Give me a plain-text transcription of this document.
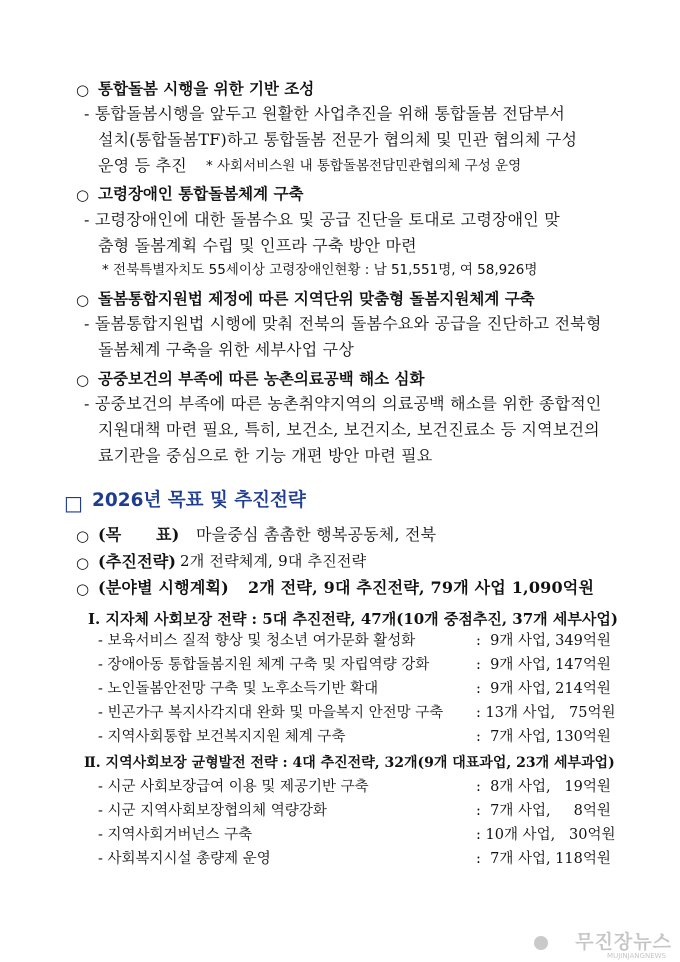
○ 통합돌봄 시행을 위한 기반 조성
- 통합돌봄시행을 앞두고 원활한 사업추진을 위해 통합돌봄 전담부서
설치(통합돌봄TF)하고 통합돌봄 전문가 협의체 및 민관 협의체 구성
운영 등 추진 * 사회서비스원 내 통합돌봄전담민관협의체 구성 운영
○ 고령장애인 통합돌봄체계 구축
- 고령장애인에 대한 돌봄수요 및 공급 진단을 토대로 고령장애인 맞
춤형 돌봄계획 수립 및 인프라 구축 방안 마련
* 전북특별자치도 55세이상 고령장애인현황 : 남 51,551명, 여 58,926명
○ 돌봄통합지원법 제정에 따른 지역단위 맞춤형 돌봄지원체계 구축
- 돌봄통합지원법 시행에 맞춰 전북의 돌봄수요와 공급을 진단하고 전북형
돌봄체계 구축을 위한 세부사업 구상
○ 공중보건의 부족에 따른 농촌의료공백 해소 심화
- 공중보건의 부족에 따른 농촌취약지역의 의료공백 해소를 위한 종합적인
지원대책 마련 필요, 특히, 보건소, 보건지소, 보건진료소 등 지역보건의
료기관을 중심으로 한 기능 개편 방안 마련 필요
□ 2026년 목표 및 추진전략
○ (목      표) 마을중심 촘촘한 행복공동체, 전북
○ (추진전략) 2개 전략체계, 9대 추진전략
○ (분야별 시행계획) 2개 전략, 9대 추진전략, 79개 사업 1,090억원
Ⅰ. 지자체 사회보장 전략 : 5대 추진전략, 47개(10개 중점추진, 37개 세부사업)
- 보육서비스 질적 향상 및 청소년 여가문화 활성화	:  9개 사업, 349억원
- 장애아동 통합돌봄지원 체계 구축 및 자립역량 강화	:  9개 사업, 147억원
- 노인돌봄안전망 구축 및 노후소득기반 확대	:  9개 사업, 214억원
- 빈곤가구 복지사각지대 완화 및 마을복지 안전망 구축 : 13개 사업,   75억원
- 지역사회통합 보건복지지원 체계 구축	:  7개 사업, 130억원
Ⅱ. 지역사회보장 균형발전 전략 : 4대 추진전략, 32개(9개 대표과업, 23개 세부과업)
- 시군 사회보장급여 이용 및 제공기반 구축	:  8개 사업,   19억원
- 시군 지역사회보장협의체 역량강화	:  7개 사업,     8억원
- 지역사회거버넌스 구축	: 10개 사업,   30억원
- 사회복지시설 총량제 운영	:  7개 사업, 118억원
무진장뉴스
MUJINJANGNEWS
